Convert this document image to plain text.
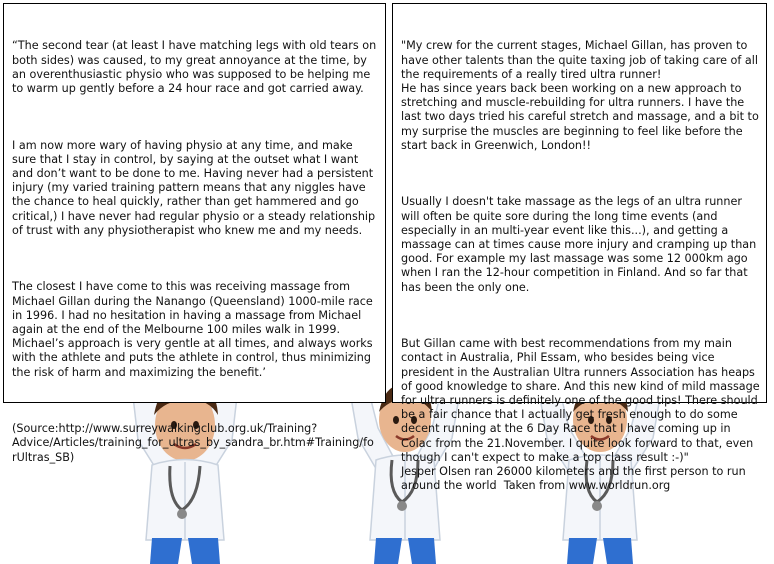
“The second tear (at least I have matching legs with old tears on both sides) was caused, to my great annoyance at the time, by an overenthusiastic physio who was supposed to be helping me to warm up gently before a 24 hour race and got carried away.

I am now more wary of having physio at any time, and make sure that I stay in control, by saying at the outset what I want and don’t want to be done to me. Having never had a persistent injury (my varied training pattern means that any niggles have the chance to heal quickly, rather than get hammered and go critical,) I have never had regular physio or a steady relationship of trust with any physiotherapist who knew me and my needs.

The closest I have come to this was receiving massage from Michael Gillan during the Nanango (Queensland) 1000-mile race in 1996. I had no hesitation in having a massage from Michael again at the end of the Melbourne 100 miles walk in 1999. Michael’s approach is very gentle at all times, and always works with the athlete and puts the athlete in control, thus minimizing the risk of harm and maximizing the benefit.’

(Source:http://www.surreywalkingclub.org.uk/Training?Advice/Articles/training_for_ultras_by_sandra_br.htm#Training/forUltras_SB)

"My crew for the current stages, Michael Gillan, has proven to have other talents than the quite taxing job of taking care of all the requirements of a really tired ultra runner!
He has since years back been working on a new approach to stretching and muscle-rebuilding for ultra runners. I have the last two days tried his careful stretch and massage, and a bit to my surprise the muscles are beginning to feel like before the start back in Greenwich, London!!

Usually I doesn't take massage as the legs of an ultra runner will often be quite sore during the long time events (and especially in an multi-year event like this...), and getting a massage can at times cause more injury and cramping up than good. For example my last massage was some 12 000km ago when I ran the 12-hour competition in Finland. And so far that has been the only one.

But Gillan came with best recommendations from my main contact in Australia, Phil Essam, who besides being vice president in the Australian Ultra runners Association has heaps of good knowledge to share. And this new kind of mild massage for ultra runners is definitely one of the good tips! There should be a fair chance that I actually get fresh enough to do some decent running at the 6 Day Race that I have coming up in Colac from the 21.November. I quite look forward to that, even though I can't expect to make a top class result :-)"
Jesper Olsen ran 26000 kilometers and the first person to run around the world  Taken from www.worldrun.org
